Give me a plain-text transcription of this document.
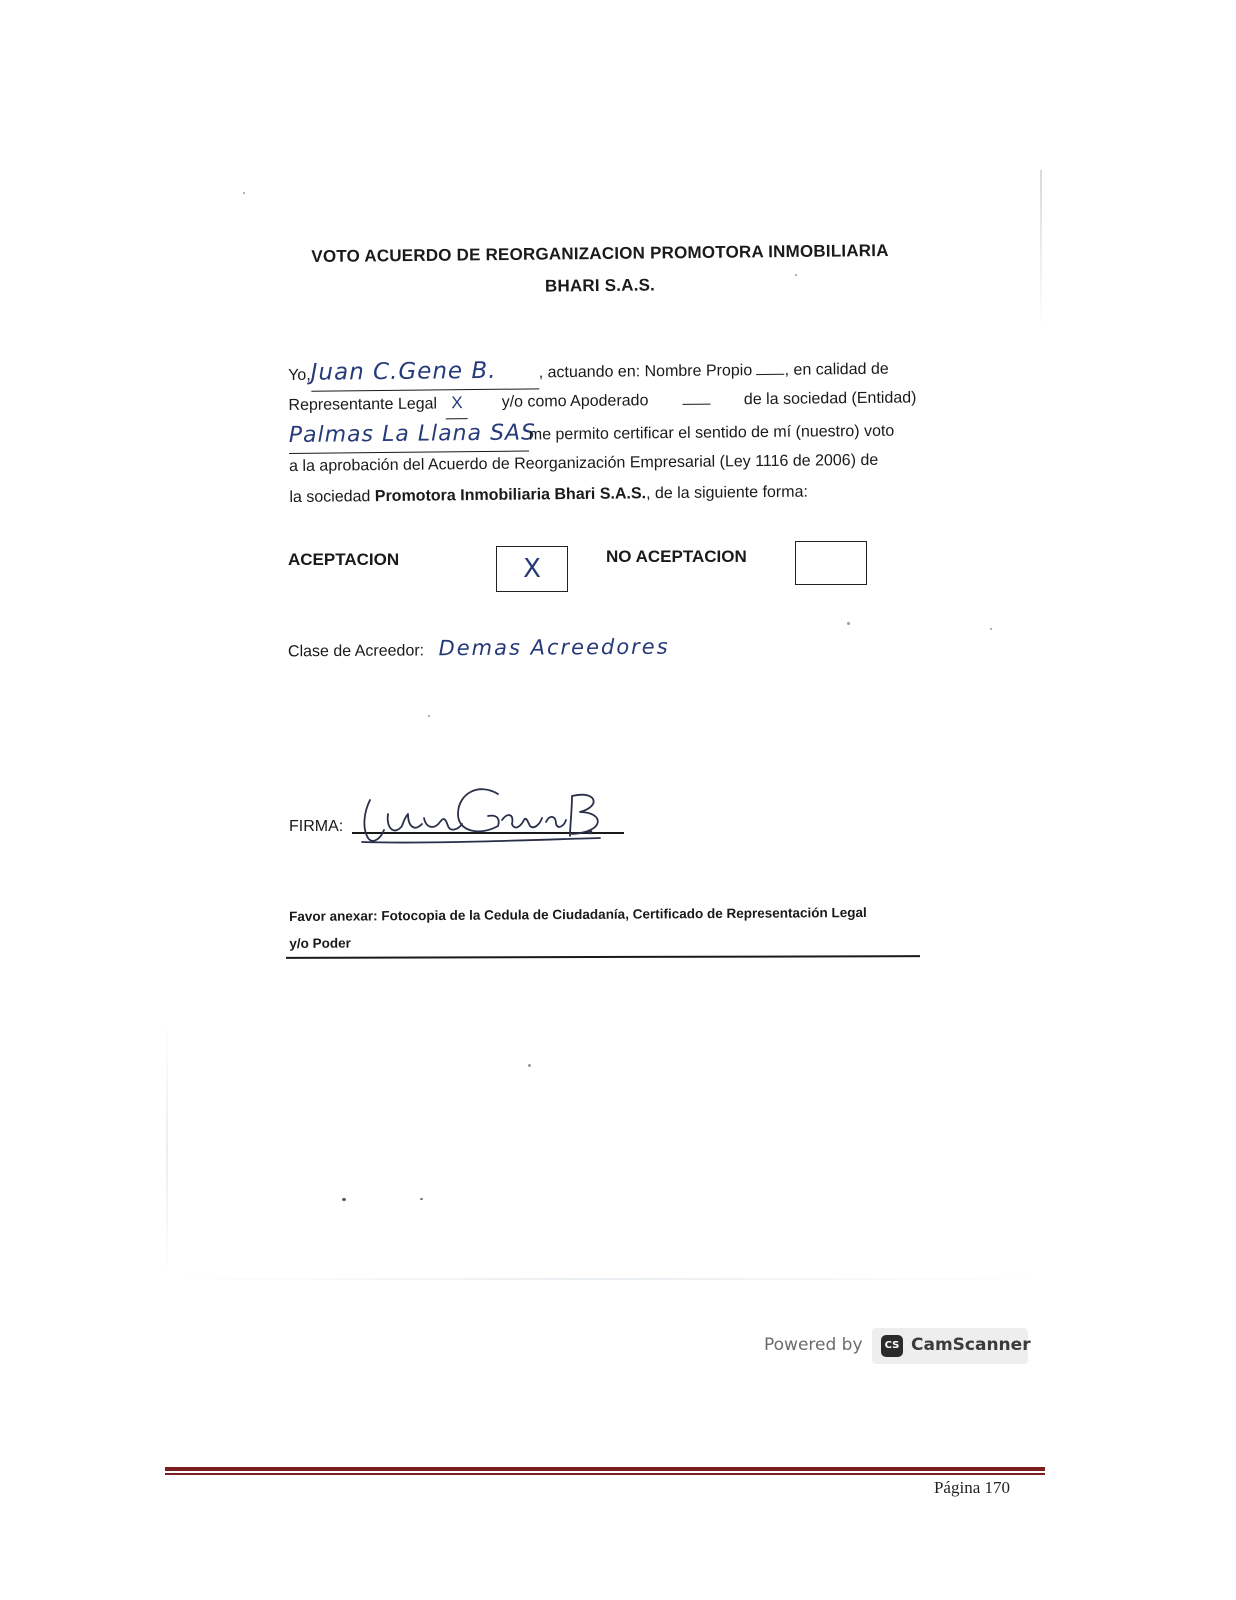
VOTO ACUERDO DE REORGANIZACION PROMOTORA INMOBILIARIA
BHARI S.A.S.
Yo,Juan C.Gene B.	, actuando en: Nombre Propio , en calidad de
Representante Legal X	y/o como Apoderado	de la sociedad (Entidad)
Palmas La Llana SASme permito certificar el sentido de mí (nuestro) voto
a la aprobación del Acuerdo de Reorganización Empresarial (Ley 1116 de 2006) de
la sociedad Promotora Inmobiliaria Bhari S.A.S., de la siguiente forma:
ACEPTACION	X	NO ACEPTACION
Clase de Acreedor: Demas Acreedores
FIRMA:
Favor anexar: Fotocopia de la Cedula de Ciudadanía, Certificado de Representación Legal
y/o Poder
Powered by	CS CamScanner
Página 170
